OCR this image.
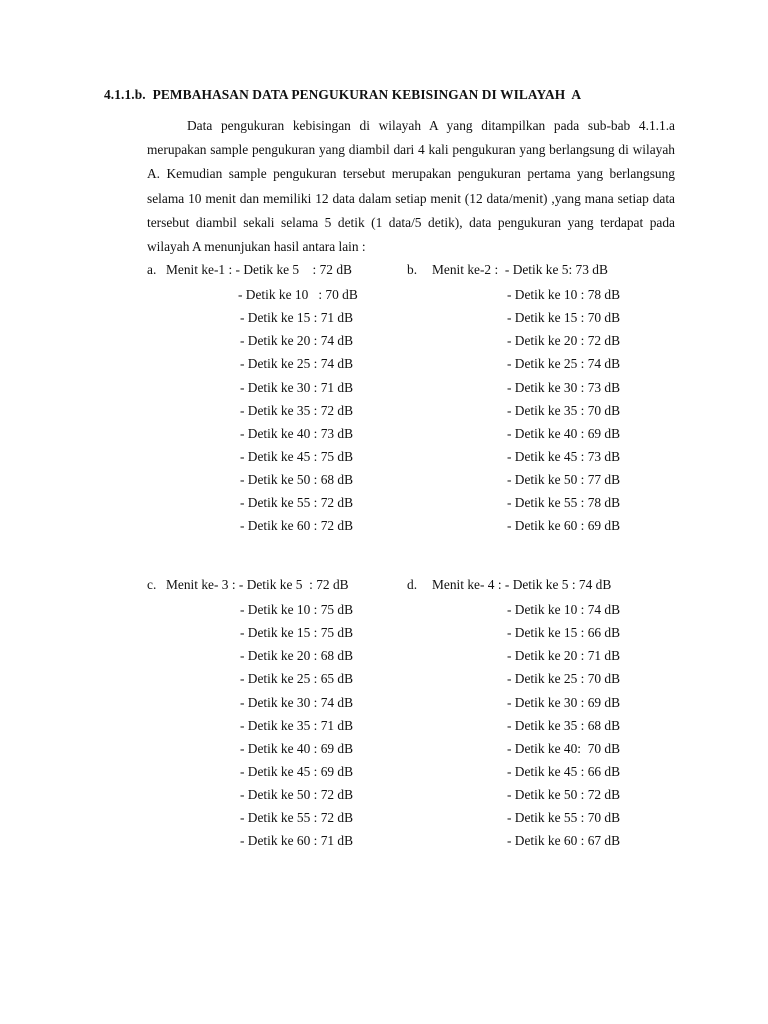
4.1.1.b.  PEMBAHASAN DATA PENGUKURAN KEBISINGAN DI WILAYAH  A
Data pengukuran kebisingan di wilayah A yang ditampilkan pada sub-bab 4.1.1.a merupakan sample pengukuran yang diambil dari 4 kali pengukuran yang berlangsung di wilayah A. Kemudian sample pengukuran tersebut merupakan pengukuran pertama yang berlangsung selama 10 menit dan memiliki 12 data dalam setiap menit (12 data/menit) ,yang mana setiap data tersebut diambil sekali selama 5 detik (1 data/5 detik), data pengukuran yang terdapat pada wilayah A menunjukan hasil antara lain :
a. Menit ke-1 : - Detik ke 5    : 72 dB
- Detik ke 10   : 70 dB
- Detik ke 15 : 71 dB
- Detik ke 20 : 74 dB
- Detik ke 25 : 74 dB
- Detik ke 30 : 71 dB
- Detik ke 35 : 72 dB
- Detik ke 40 : 73 dB
- Detik ke 45 : 75 dB
- Detik ke 50 : 68 dB
- Detik ke 55 : 72 dB
- Detik ke 60 : 72 dB
b. Menit ke-2 :  - Detik ke 5: 73 dB
- Detik ke 10 : 78 dB
- Detik ke 15 : 70 dB
- Detik ke 20 : 72 dB
- Detik ke 25 : 74 dB
- Detik ke 30 : 73 dB
- Detik ke 35 : 70 dB
- Detik ke 40 : 69 dB
- Detik ke 45 : 73 dB
- Detik ke 50 : 77 dB
- Detik ke 55 : 78 dB
- Detik ke 60 : 69 dB
c. Menit ke- 3 : - Detik ke 5  : 72 dB
- Detik ke 10 : 75 dB
- Detik ke 15 : 75 dB
- Detik ke 20 : 68 dB
- Detik ke 25 : 65 dB
- Detik ke 30 : 74 dB
- Detik ke 35 : 71 dB
- Detik ke 40 : 69 dB
- Detik ke 45 : 69 dB
- Detik ke 50 : 72 dB
- Detik ke 55 : 72 dB
- Detik ke 60 : 71 dB
d. Menit ke- 4 : - Detik ke 5 : 74 dB
- Detik ke 10 : 74 dB
- Detik ke 15 : 66 dB
- Detik ke 20 : 71 dB
- Detik ke 25 : 70 dB
- Detik ke 30 : 69 dB
- Detik ke 35 : 68 dB
- Detik ke 40:  70 dB
- Detik ke 45 : 66 dB
- Detik ke 50 : 72 dB
- Detik ke 55 : 70 dB
- Detik ke 60 : 67 dB
